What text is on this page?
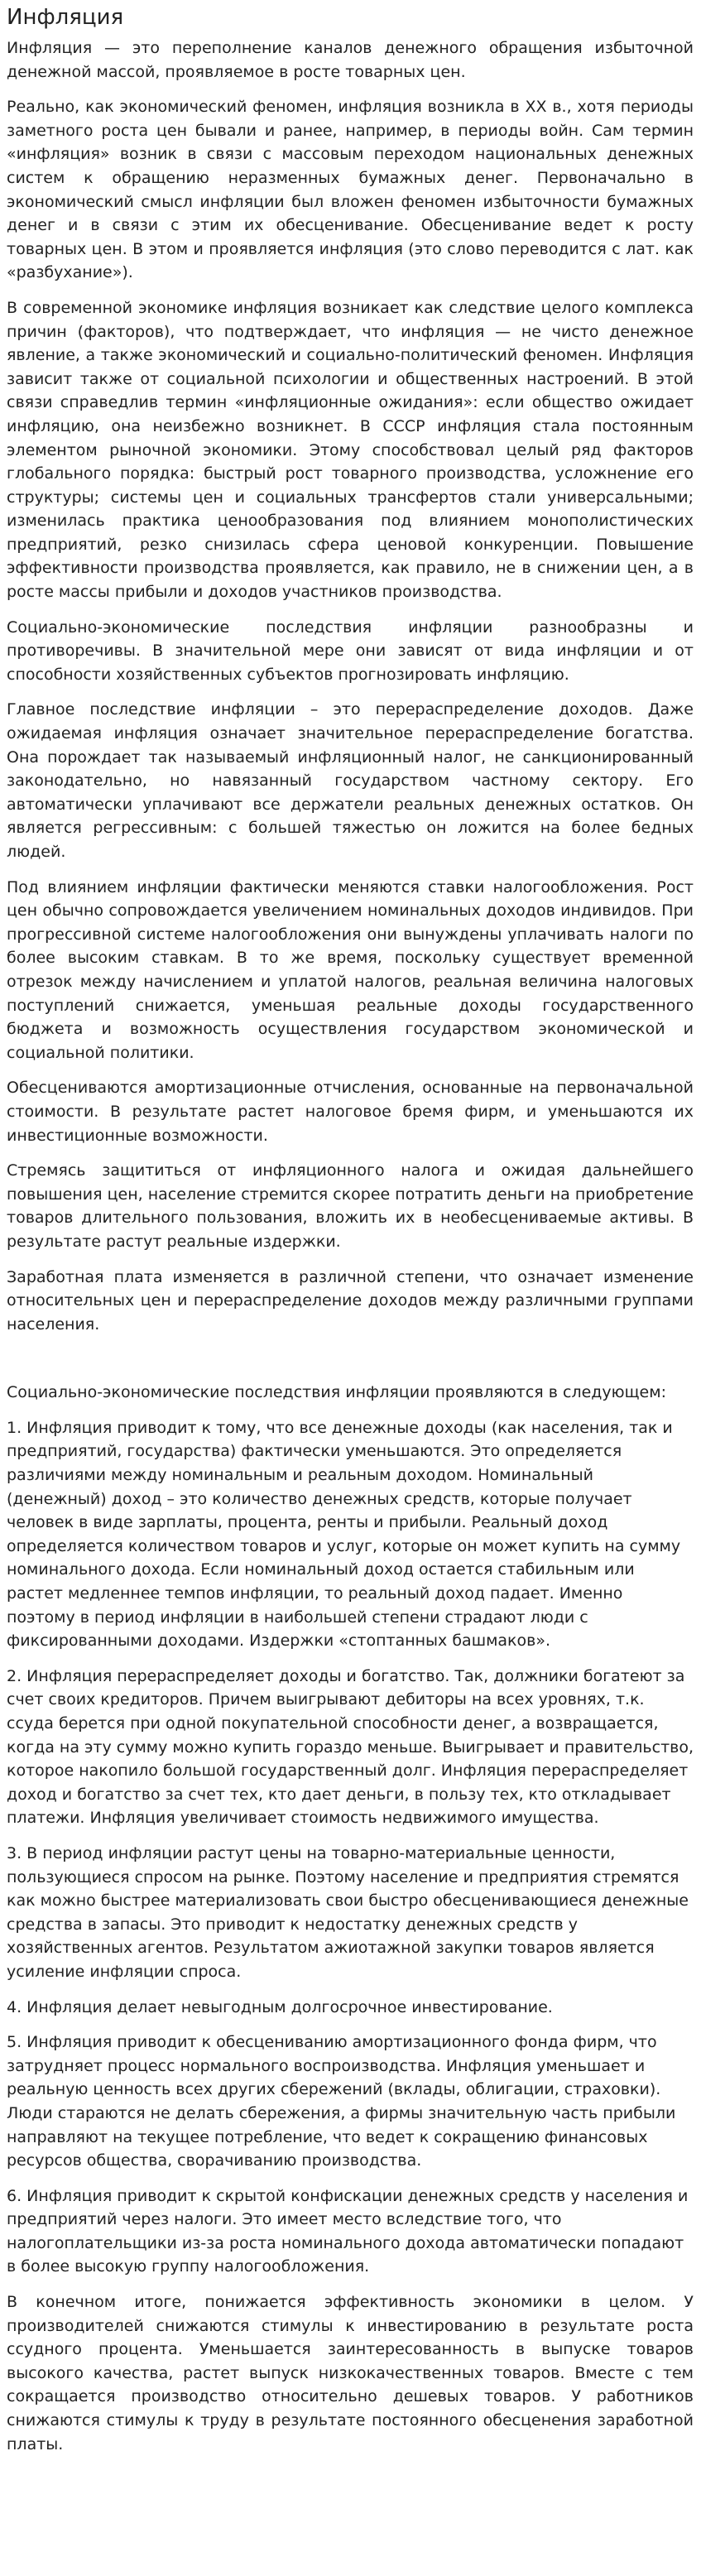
Инфляция

Инфляция — это переполнение каналов денежного обращения избыточной денежной массой, проявляемое в росте товарных цен.

Реально, как экономический феномен, инфляция возникла в XX в., хотя периоды заметного роста цен бывали и ранее, например, в периоды войн. Сам термин «инфляция» возник в связи с массовым переходом национальных денежных систем к обращению неразменных бумажных денег. Первоначально в экономический смысл инфляции был вложен феномен избыточности бумажных денег и в связи с этим их обесценивание. Обесценивание ведет к росту товарных цен. В этом и проявляется инфляция (это слово переводится с лат. как «разбухание»).

В современной экономике инфляция возникает как следствие целого комплекса причин (факторов), что подтверждает, что инфляция — не чисто денежное явление, а также экономический и социально-политический феномен. Инфляция зависит также от социальной психологии и общественных настроений. В этой связи справедлив термин «инфляционные ожидания»: если общество ожидает инфляцию, она неизбежно возникнет. В СССР инфляция стала постоянным элементом рыночной экономики. Этому способствовал целый ряд факторов глобального порядка: быстрый рост товарного производства, усложнение его структуры; системы цен и социальных трансфертов стали универсальными; изменилась практика ценообразования под влиянием монополистических предприятий, резко снизилась сфера ценовой конкуренции. Повышение эффективности производства проявляется, как правило, не в снижении цен, а в росте массы прибыли и доходов участников производства.

Социально-экономические последствия инфляции разнообразны и противоречивы. В значительной мере они зависят от вида инфляции и от способности хозяйственных субъектов прогнозировать инфляцию.

Главное последствие инфляции – это перераспределение доходов. Даже ожидаемая инфляция означает значительное перераспределение богатства. Она порождает так называемый инфляционный налог, не санкционированный законодательно, но навязанный государством частному сектору. Его автоматически уплачивают все держатели реальных денежных остатков. Он является регрессивным: с большей тяжестью он ложится на более бедных людей.

Под влиянием инфляции фактически меняются ставки налогообложения. Рост цен обычно сопровождается увеличением номинальных доходов индивидов. При прогрессивной системе налогообложения они вынуждены уплачивать налоги по более высоким ставкам. В то же время, поскольку существует временной отрезок между начислением и уплатой налогов, реальная величина налоговых поступлений снижается, уменьшая реальные доходы государственного бюджета и возможность осуществления государством экономической и социальной политики.

Обесцениваются амортизационные отчисления, основанные на первоначальной стоимости. В результате растет налоговое бремя фирм, и уменьшаются их инвестиционные возможности.

Стремясь защититься от инфляционного налога и ожидая дальнейшего повышения цен, население стремится скорее потратить деньги на приобретение товаров длительного пользования, вложить их в необесцениваемые активы. В результате растут реальные издержки.

Заработная плата изменяется в различной степени, что означает изменение относительных цен и перераспределение доходов между различными группами населения.

Социально-экономические последствия инфляции проявляются в следующем:

1. Инфляция приводит к тому, что все денежные доходы (как населения, так и предприятий, государства) фактически уменьшаются. Это определяется различиями между номинальным и реальным доходом. Номинальный (денежный) доход – это количество денежных средств, которые получает человек в виде зарплаты, процента, ренты и прибыли. Реальный доход определяется количеством товаров и услуг, которые он может купить на сумму номинального дохода. Если номинальный доход остается стабильным или растет медленнее темпов инфляции, то реальный доход падает. Именно поэтому в период инфляции в наибольшей степени страдают люди с фиксированными доходами. Издержки «стоптанных башмаков».

2. Инфляция перераспределяет доходы и богатство. Так, должники богатеют за счет своих кредиторов. Причем выигрывают дебиторы на всех уровнях, т.к. ссуда берется при одной покупательной способности денег, а возвращается, когда на эту сумму можно купить гораздо меньше. Выигрывает и правительство, которое накопило большой государственный долг. Инфляция перераспределяет доход и богатство за счет тех, кто дает деньги, в пользу тех, кто откладывает платежи. Инфляция увеличивает стоимость недвижимого имущества.

3. В период инфляции растут цены на товарно-материальные ценности, пользующиеся спросом на рынке. Поэтому население и предприятия стремятся как можно быстрее материализовать свои быстро обесценивающиеся денежные средства в запасы. Это приводит к недостатку денежных средств у хозяйственных агентов. Результатом ажиотажной закупки товаров является усиление инфляции спроса.

4. Инфляция делает невыгодным долгосрочное инвестирование.

5. Инфляция приводит к обесцениванию амортизационного фонда фирм, что затрудняет процесс нормального воспроизводства. Инфляция уменьшает и реальную ценность всех других сбережений (вклады, облигации, страховки). Люди стараются не делать сбережения, а фирмы значительную часть прибыли направляют на текущее потребление, что ведет к сокращению финансовых ресурсов общества, сворачиванию производства.

6. Инфляция приводит к скрытой конфискации денежных средств у населения и предприятий через налоги. Это имеет место вследствие того, что налогоплательщики из-за роста номинального дохода автоматически попадают в более высокую группу налогообложения.

В конечном итоге, понижается эффективность экономики в целом. У производителей снижаются стимулы к инвестированию в результате роста ссудного процента. Уменьшается заинтересованность в выпуске товаров высокого качества, растет выпуск низкокачественных товаров. Вместе с тем сокращается производство относительно дешевых товаров. У работников снижаются стимулы к труду в результате постоянного обесценения заработной платы.
